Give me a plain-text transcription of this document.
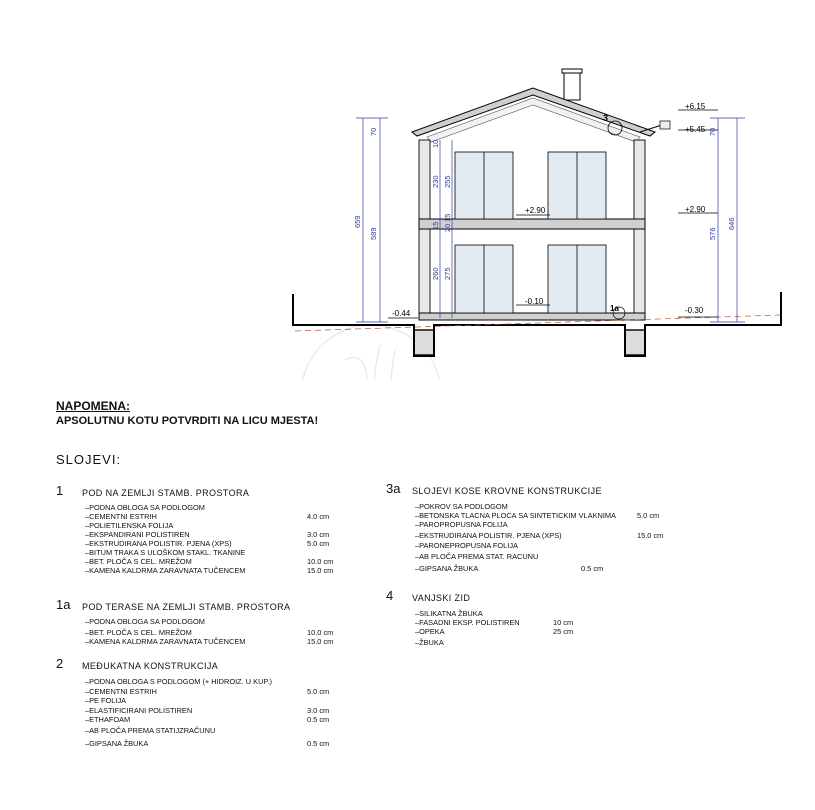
3
+6.15
+5.45
+2.90
+2.90
-0.10
-0.44	-0.30
659
589
70
230 255
10
15 20
15
260 275
576
646
70
1a
NAPOMENA:
APSOLUTNU KOTU POTVRDITI NA LICU MJESTA!
SLOJEVI:
1 POD NA ZEMLJI STAMB. PROSTORA
–PODNA OBLOGA SA PODLOGOM
–CEMENTNI ESTRIH	4.0 cm
–POLIETILENSKA FOLIJA
–EKSPANDIRANI POLISTIREN	3.0 cm
–EKSTRUDIRANA POLISTIR. PJENA (XPS)	5.0 cm
–BITUM TRAKA S ULOŠKOM STAKL. TKANINE
–BET. PLOČA S CEL. MREŽOM	10.0 cm
–KAMENA KALDRMA ZARAVNATA TUČENCEM	15.0 cm
1a POD TERASE NA ZEMLJI STAMB. PROSTORA
–PODNA OBLOGA SA PODLOGOM
–BET. PLOČA S CEL. MREŽOM	10.0 cm
–KAMENA KALDRMA ZARAVNATA TUČENCEM	15.0 cm
2 MEĐUKATNA KONSTRUKCIJA
–PODNA OBLOGA S PODLOGOM (+ HIDROIZ. U KUP.)
–CEMENTNI ESTRIH	5.0 cm
–PE FOLIJA
–ELASTIFICIRANI POLISTIREN	3.0 cm
–ETHAFOAM	0.5 cm
–AB PLOČA PREMA STATIJZRAČUNU
–GIPSANA ŽBUKA	0.5 cm
3a SLOJEVI KOSE KROVNE KONSTRUKCIJE
–POKROV SA PODLOGOM
–BETONSKA TLACNA PLOCA SA SINTETICKIM VLAKNIMA	5.0 cm
–PAROPROPUSNA FOLIJA
–EKSTRUDIRANA POLISTIR. PJENA (XPS)	15.0 cm
–PARONEPROPUSNA FOLIJA
–AB PLOČA PREMA STAT. RACUNU
–GIPSANA ŽBUKA	0.5 cm
4 VANJSKI ZID
–SILIKATNA ŽBUKA
–FASADNI EKSP. POLISTIREN	10 cm
–OPEKA	25 cm
–ŽBUKA
